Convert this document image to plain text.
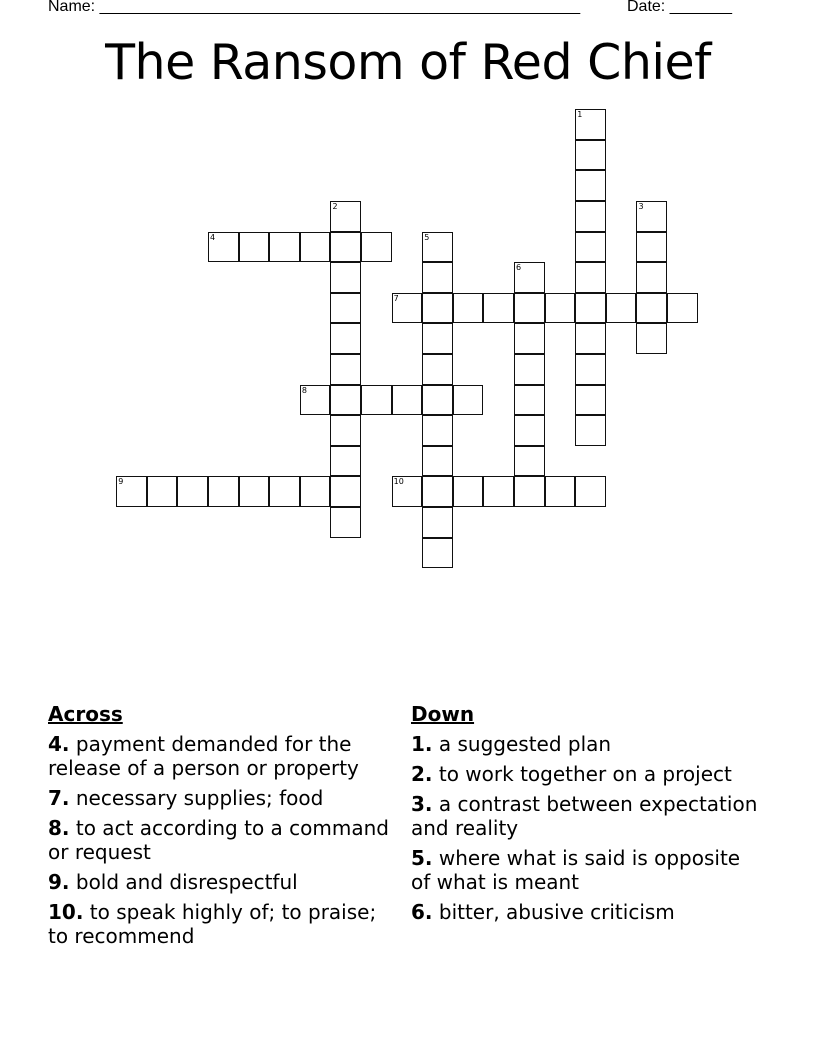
Name: ______________________________________________________	Date: _______
The Ransom of Red Chief
1
2	3
4	5
6
7
8
9	10
Across
4. payment demanded for the release of a person or property
7. necessary supplies; food
8. to act according to a command or request
9. bold and disrespectful
10. to speak highly of; to praise; to recommend
Down
1. a suggested plan
2. to work together on a project
3. a contrast between expectation and reality
5. where what is said is opposite of what is meant
6. bitter, abusive criticism
